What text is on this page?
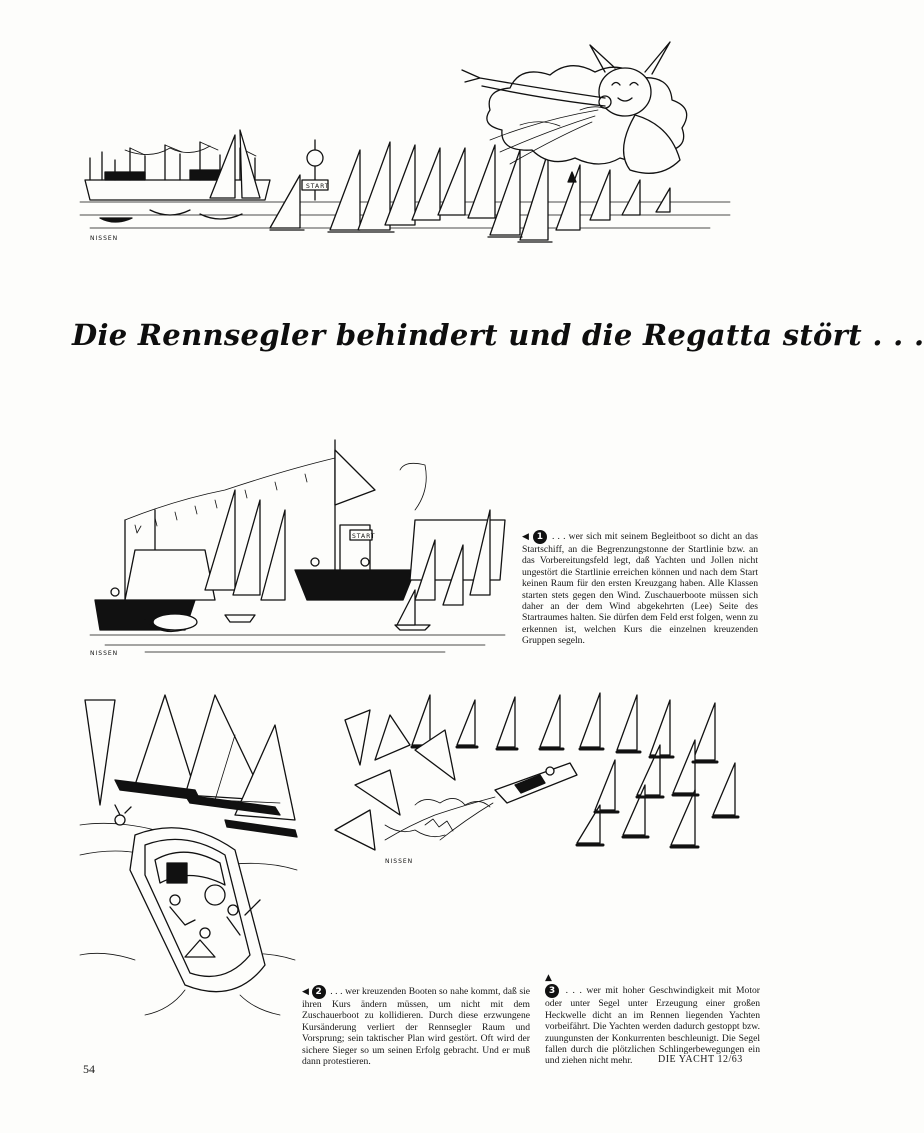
START
NISSEN
Die Rennsegler behindert und die Regatta stört . . .
START
NISSEN
◀ 1 . . . wer sich mit seinem Begleitboot so dicht an das Startschiff, an die Begrenzungstonne der Startlinie bzw. an das Vorbereitungsfeld legt, daß Yachten und Jollen nicht ungestört die Startlinie erreichen können und nach dem Start keinen Raum für den ersten Kreuzgang haben. Alle Klassen starten stets gegen den Wind. Zuschauerboote müssen sich daher an der dem Wind abgekehrten (Lee) Seite des Startraumes halten. Sie dürfen dem Feld erst folgen, wenn zu erkennen ist, welchen Kurs die einzelnen kreuzenden Gruppen segeln.
◀ 2 . . . wer kreuzenden Booten so nahe kommt, daß sie ihren Kurs ändern müssen, um nicht mit dem Zuschauerboot zu kollidieren. Durch diese erzwungene Kursänderung verliert der Rennsegler Raum und Vorsprung; sein taktischer Plan wird gestört. Oft wird der sichere Sieger so um seinen Erfolg gebracht. Und er muß dann protestieren.
NISSEN
▲
3 . . . wer mit hoher Geschwindigkeit mit Motor oder unter Segel unter Erzeugung einer großen Heckwelle dicht an im Rennen liegenden Yachten vorbeifährt. Die Yachten werden dadurch gestoppt bzw. zuungunsten der Konkurrenten beschleunigt. Die Segel fallen durch die plötzlichen Schlingerbewegungen ein und ziehen nicht mehr.
54
DIE YACHT 12/63
